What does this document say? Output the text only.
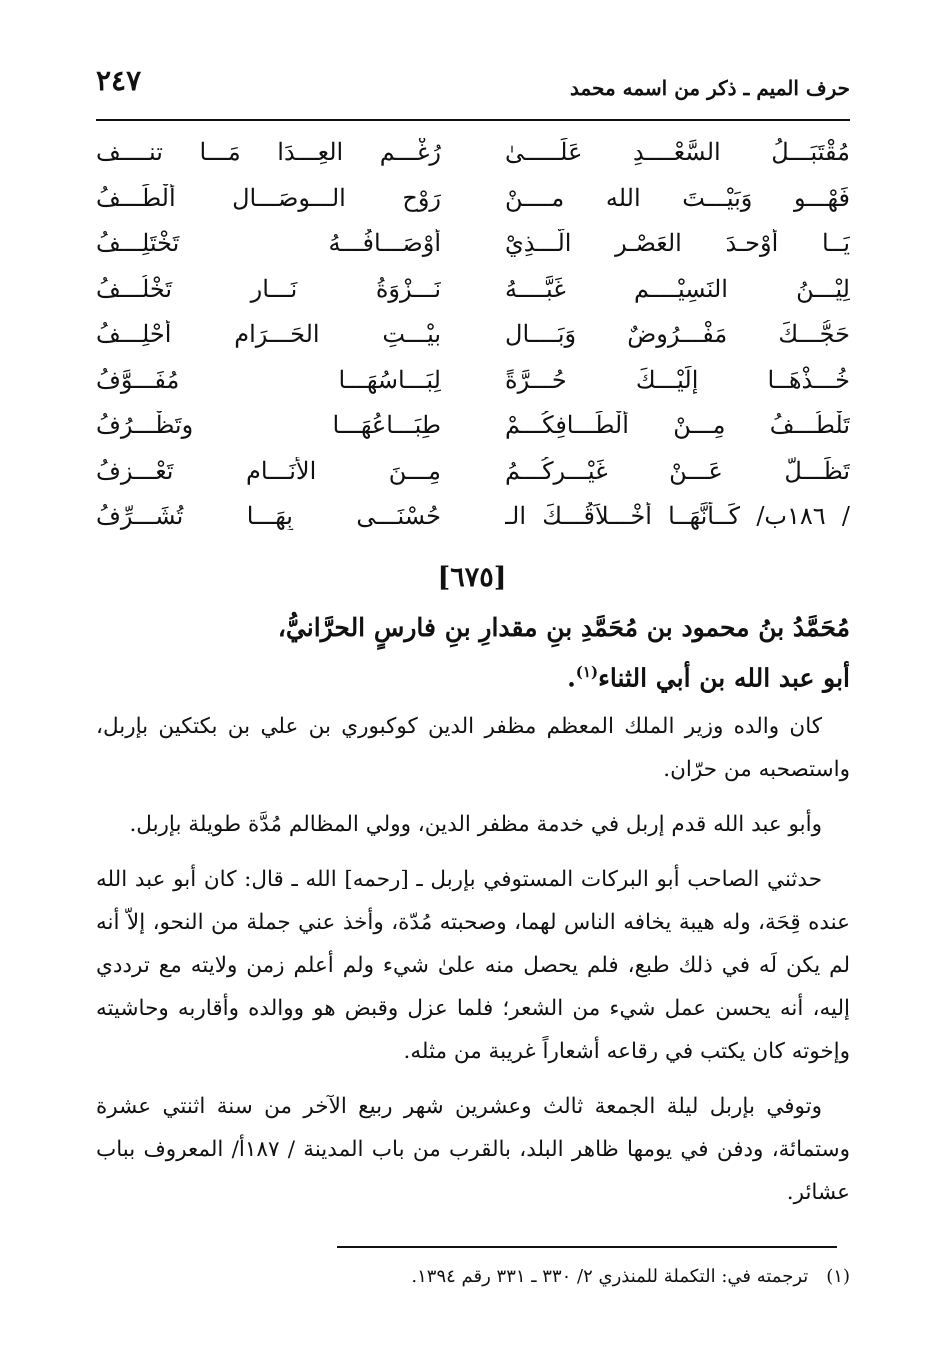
٢٤٧	حرف الميم ـ ذكر من اسمه محمد
مُقْتَبَـــلُ السَّعْــــدِ عَلَـــــىٰ
رُغْـــمِ العِـــدَا مَـــا تنــــف
فَهْـــو وَبَيْـــتَ الله مــــنْ
رَوْحِ الـــوِصَـــالِ أَلْطَـــفُ
يَــا أَوْحـدَ العَصْـرِ الَّـــذِيْ
أَوْصَـــافُـــهُ تَخْتَلِـــفُ
لِيْـــنُ النَسِيْــــمِ غَبَّــــهُ
نَـــزْوَةُ نَـــارٍ تَخْلُـــفُ
حَجُّـــكَ مَفْـــرُوضٌ وَبَــــال
بيْـــتِ الحَـــرَامِ أَحْلِـــفُ
خُـــذْهَــا إِلَيْـــكَ حُـــرَّةً
لِبَـــاسُهَـــا مُفَـــوَّفُ
تَلْطُـــفُ مِـــنْ أَلْطَـــافِكُـــمْ
طِبَـــاعُهَـــا وتَظْـــرُفُ
تَظَـــلُّ عَـــنْ غَيْـــرِكُـــمُ
مِـــنَ الأَنَـــامِ تَعْـــزِفُ
/ ١٨٦ب/ كَــأَنَّهَــا أَخْـــلاَقُـــكَ الـ
حُسْنَـــى بِهَـــا تُشَـــرِّفُ
[٦٧٥]
مُحَمَّدُ بنُ محمود بن مُحَمَّدِ بنِ مقدارِ بنِ فارسٍ الحرَّانيُّ،
أبو عبد الله بن أبي الثناء$^{(١)}$.

كان والده وزير الملك المعظم مظفر الدين كوكبوري بن علي بن بكتكين بإربل، واستصحبه من حرّان.

وأبو عبد الله قدم إربل في خدمة مظفر الدين، وولي المظالم مُدَّة طويلة بإربل.

حدثني الصاحب أبو البركات المستوفي بإربل ـ [رحمه] الله ـ قال: كان أبو عبد الله عنده قِحَة، وله هيبة يخافه الناس لهما، وصحبته مُدّة، وأخذ عني جملة من النحو، إلاّ أنه لم يكن لَه في ذلك طبع، فلم يحصل منه علىٰ شيء ولم أعلم زمن ولايته مع ترددي إليه، أنه يحسن عمل شيء من الشعر؛ فلما عزل وقبض هو ووالده وأقاربه وحاشيته وإخوته كان يكتب في رقاعه أشعاراً غريبة من مثله.

وتوفي بإربل ليلة الجمعة ثالث وعشرين شهر ربيع الآخر من سنة اثنتي عشرة وستمائة، ودفن في يومها ظاهر البلد، بالقرب من باب المدينة / ١٨٧أ/ المعروف بباب عشائر.

(١)ترجمته في: التكملة للمنذري ٢/ ٣٣٠ ـ ٣٣١ رقم ١٣٩٤.
